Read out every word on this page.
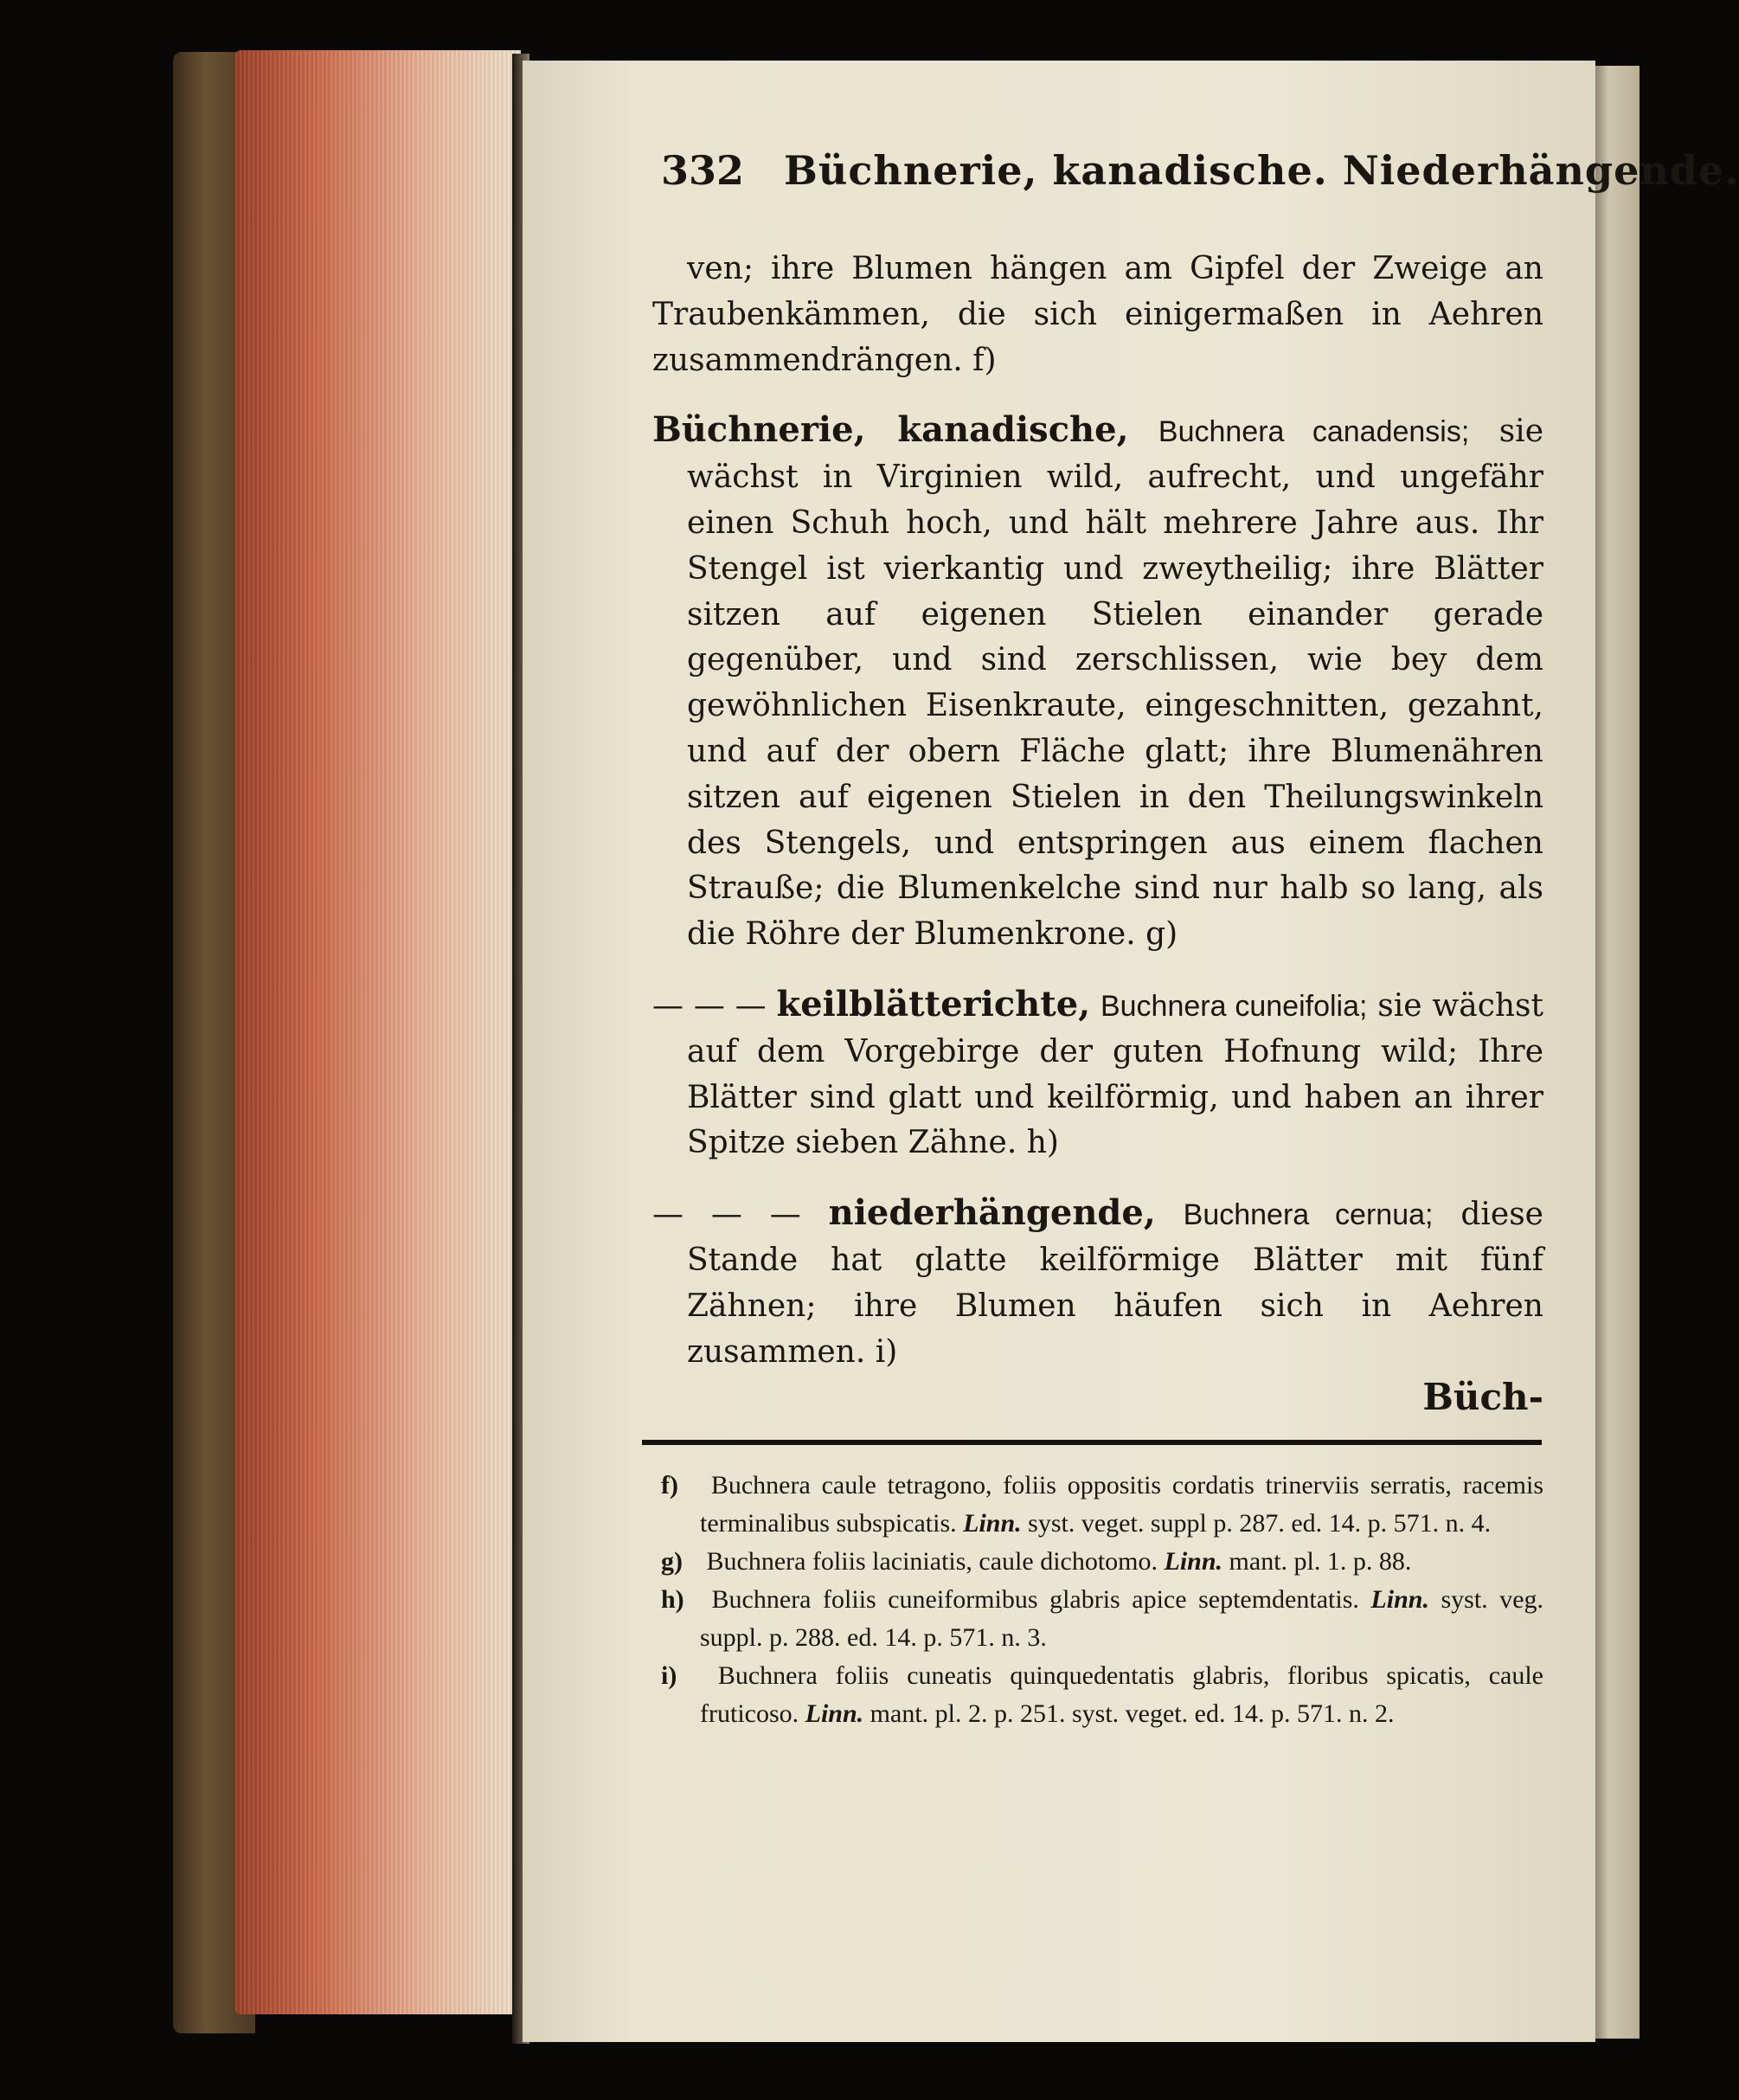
332 Büchnerie, kanadische. Niederhängende.

ven; ihre Blumen hängen am Gipfel der Zweige an Traubenkämmen, die sich einigermaßen in Aehren zusammendrängen. f)

Büchnerie, kanadische, Buchnera canadensis; sie wächst in Virginien wild, aufrecht, und ungefähr einen Schuh hoch, und hält mehrere Jahre aus. Ihr Stengel ist vierkantig und zweytheilig; ihre Blätter sitzen auf eigenen Stielen einander gerade gegenüber, und sind zerschlissen, wie bey dem gewöhnlichen Eisenkraute, eingeschnitten, gezahnt, und auf der obern Fläche glatt; ihre Blumenähren sitzen auf eigenen Stielen in den Theilungswinkeln des Stengels, und entspringen aus einem flachen Strauße; die Blumenkelche sind nur halb so lang, als die Röhre der Blumenkrone. g)

— — — keilblätterichte, Buchnera cuneifolia; sie wächst auf dem Vorgebirge der guten Hofnung wild; Ihre Blätter sind glatt und keilförmig, und haben an ihrer Spitze sieben Zähne. h)

— — — niederhängende, Buchnera cernua; diese Stande hat glatte keilförmige Blätter mit fünf Zähnen; ihre Blumen häufen sich in Aehren zusammen. i)

Büch-

f) Buchnera caule tetragono, foliis oppositis cordatis trinerviis serratis, racemis terminalibus subspicatis. Linn. syst. veget. suppl p. 287. ed. 14. p. 571. n. 4.

g) Buchnera foliis laciniatis, caule dichotomo. Linn. mant. pl. 1. p. 88.

h) Buchnera foliis cuneiformibus glabris apice septemdentatis. Linn. syst. veg. suppl. p. 288. ed. 14. p. 571. n. 3.

i) Buchnera foliis cuneatis quinquedentatis glabris, floribus spicatis, caule fruticoso. Linn. mant. pl. 2. p. 251. syst. veget. ed. 14. p. 571. n. 2.
